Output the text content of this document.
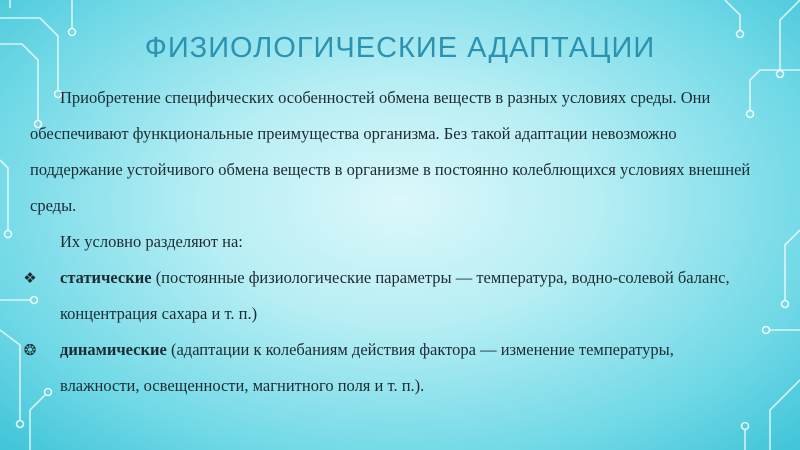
ФИЗИОЛОГИЧЕСКИЕ АДАПТАЦИИ

Приобретение специфических особенностей обмена веществ в разных условиях среды. Они обеспечивают функциональные преимущества организма. Без такой адаптации невозможно поддержание устойчивого обмена веществ в организме в постоянно колеблющихся условиях внешней среды.

Их условно разделяют на:

❖ статические (постоянные физиологические параметры — температура, водно-солевой баланс, концентрация сахара и т. п.)

❂ динамические (адаптации к колебаниям действия фактора — изменение температуры, влажности, освещенности, магнитного поля и т. п.).
